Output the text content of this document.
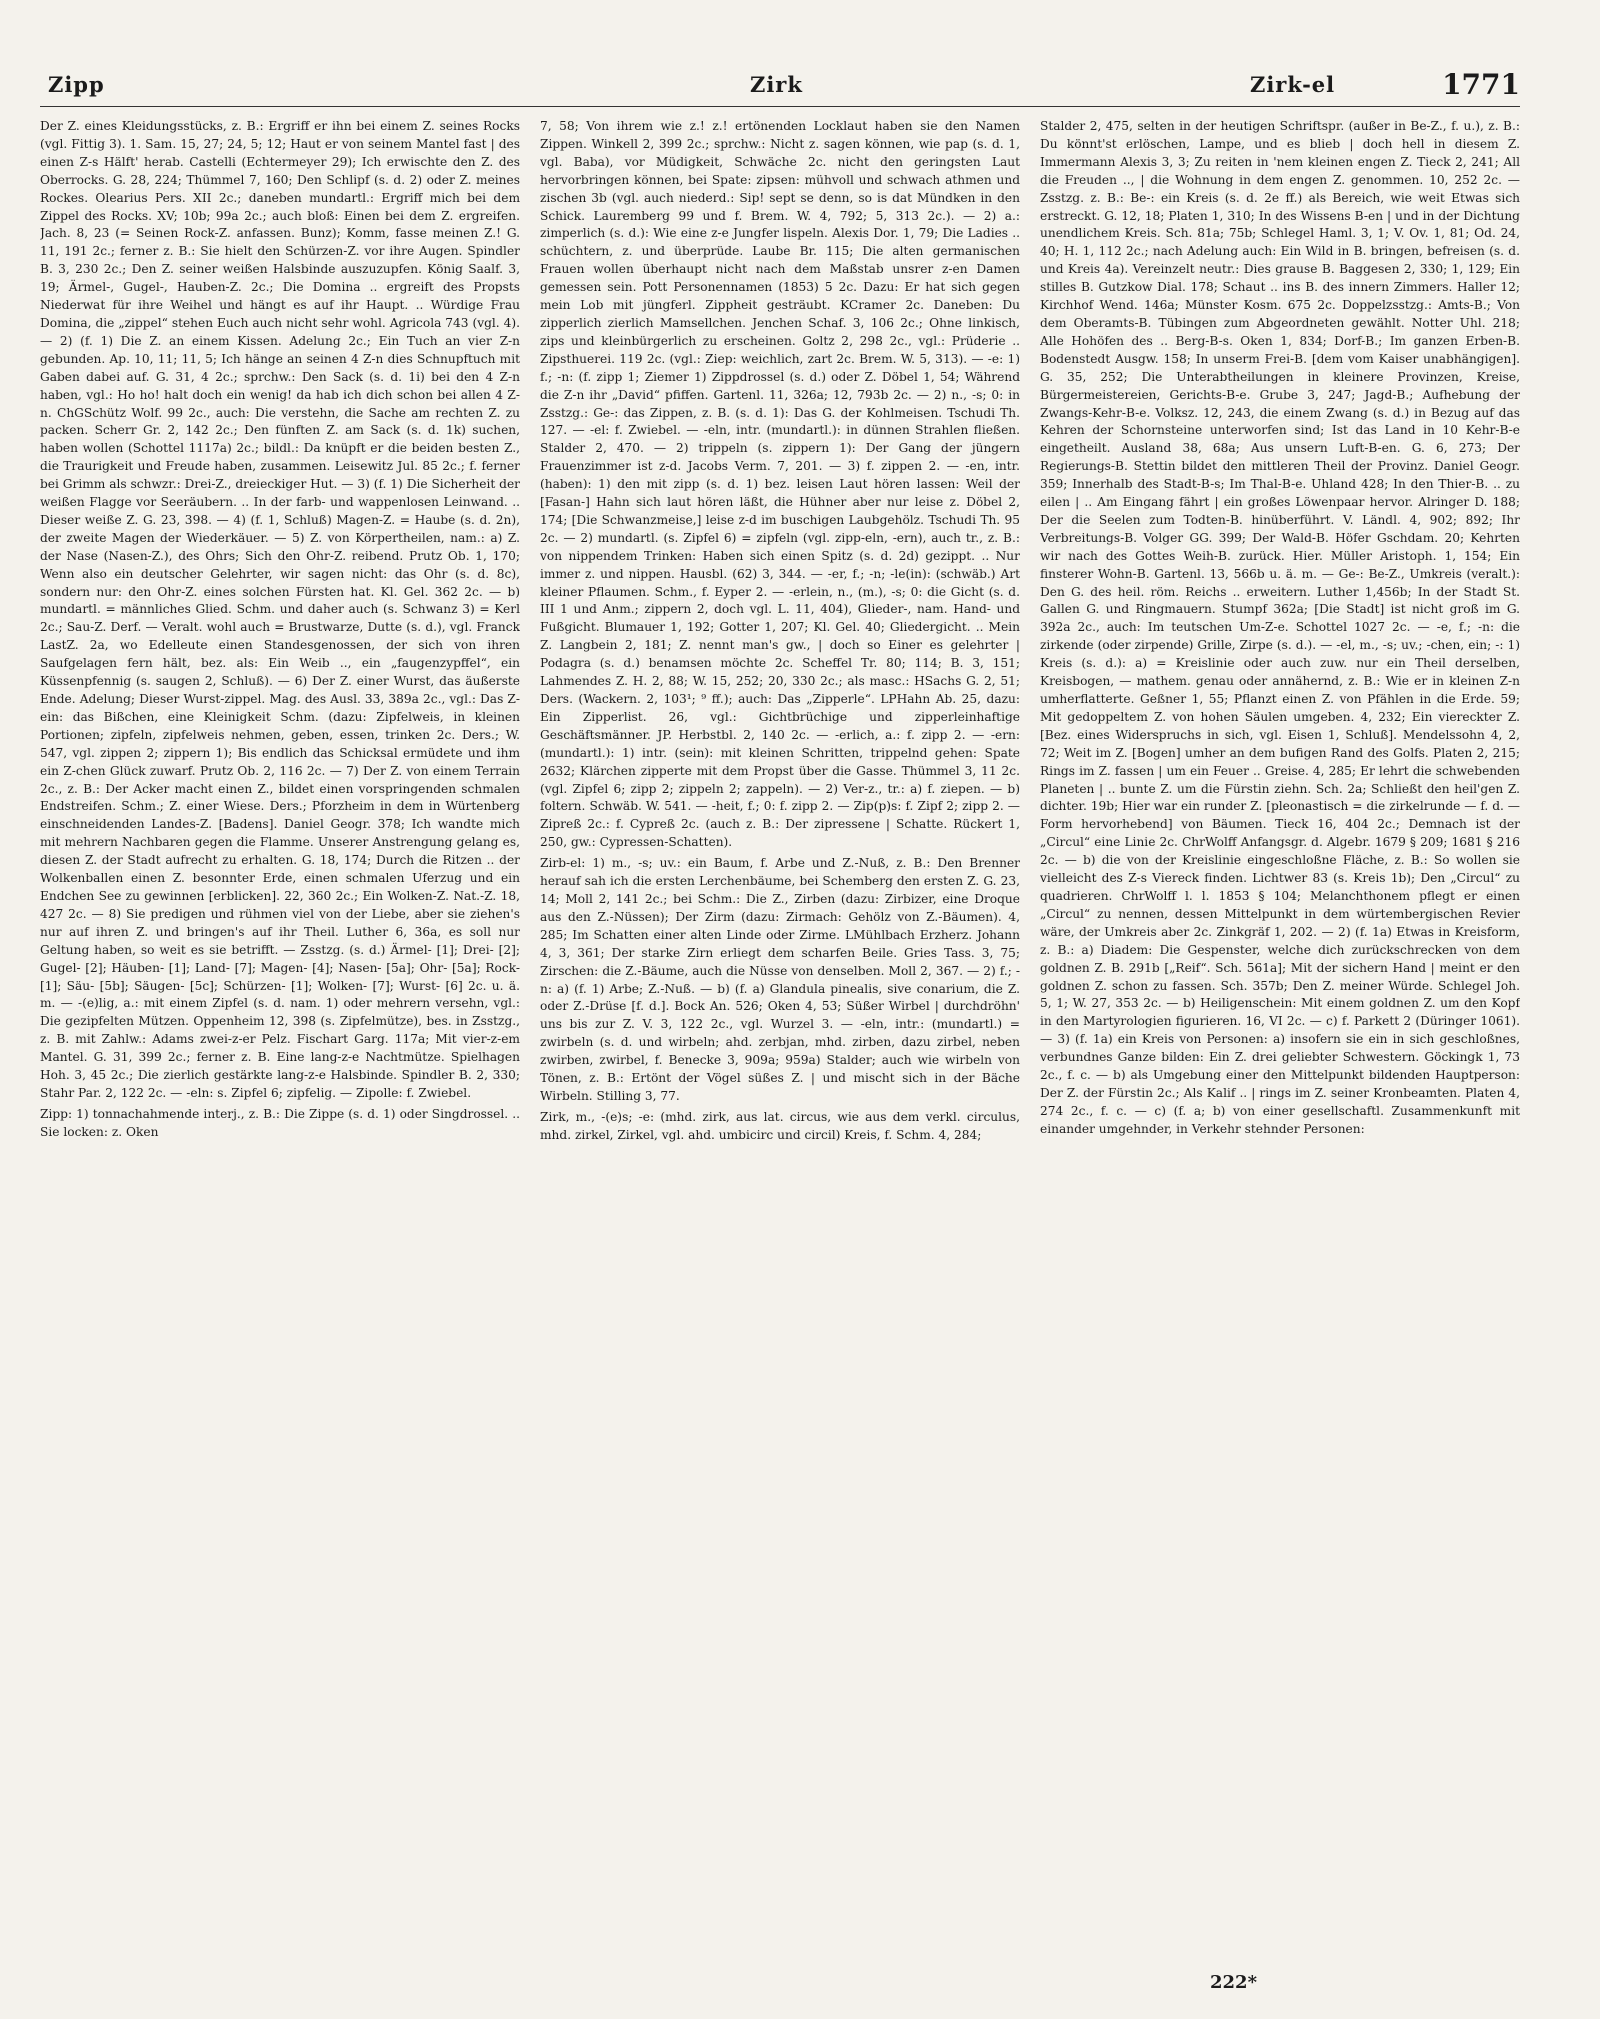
Zipp	Zirk	Zirk-el	1771

Der Z. eines Kleidungsstücks, z. B.: Ergriff er ihn bei einem Z. seines Rocks (vgl. Fittig 3). 1. Sam. 15, 27; 24, 5; 12; Haut er von seinem Mantel fast | des einen Z-s Hälft' herab. Castelli (Echtermeyer 29); Ich erwischte den Z. des Oberrocks. G. 28, 224; Thümmel 7, 160; Den Schlipf (s. d. 2) oder Z. meines Rockes. Olearius Pers. XII 2c.; daneben mundartl.: Ergriff mich bei dem Zippel des Rocks. XV; 10b; 99a 2c.; auch bloß: Einen bei dem Z. ergreifen. Jach. 8, 23 (= Seinen Rock-Z. anfassen. Bunz); Komm, fasse meinen Z.! G. 11, 191 2c.; ferner z. B.: Sie hielt den Schürzen-Z. vor ihre Augen. Spindler B. 3, 230 2c.; Den Z. seiner weißen Halsbinde auszuzupfen. König Saalf. 3, 19; Ärmel-, Gugel-, Hauben-Z. 2c.; Die Domina .. ergreift des Propsts Niederwat für ihre Weihel und hängt es auf ihr Haupt. .. Würdige Frau Domina, die „zippel“ stehen Euch auch nicht sehr wohl. Agricola 743 (vgl. 4). — 2) (f. 1) Die Z. an einem Kissen. Adelung 2c.; Ein Tuch an vier Z-n gebunden. Ap. 10, 11; 11, 5; Ich hänge an seinen 4 Z-n dies Schnupftuch mit Gaben dabei auf. G. 31, 4 2c.; sprchw.: Den Sack (s. d. 1i) bei den 4 Z-n haben, vgl.: Ho ho! halt doch ein wenig! da hab ich dich schon bei allen 4 Z-n. ChGSchütz Wolf. 99 2c., auch: Die verstehn, die Sache am rechten Z. zu packen. Scherr Gr. 2, 142 2c.; Den fünften Z. am Sack (s. d. 1k) suchen, haben wollen (Schottel 1117a) 2c.; bildl.: Da knüpft er die beiden besten Z., die Traurigkeit und Freude haben, zusammen. Leisewitz Jul. 85 2c.; f. ferner bei Grimm als schwzr.: Drei-Z., dreieckiger Hut. — 3) (f. 1) Die Sicherheit der weißen Flagge vor Seeräubern. .. In der farb- und wappenlosen Leinwand. .. Dieser weiße Z. G. 23, 398. — 4) (f. 1, Schluß) Magen-Z. = Haube (s. d. 2n), der zweite Magen der Wiederkäuer. — 5) Z. von Körpertheilen, nam.: a) Z. der Nase (Nasen-Z.), des Ohrs; Sich den Ohr-Z. reibend. Prutz Ob. 1, 170; Wenn also ein deutscher Gelehrter, wir sagen nicht: das Ohr (s. d. 8c), sondern nur: den Ohr-Z. eines solchen Fürsten hat. Kl. Gel. 362 2c. — b) mundartl. = männliches Glied. Schm. und daher auch (s. Schwanz 3) = Kerl 2c.; Sau-Z. Derf. — Veralt. wohl auch = Brustwarze, Dutte (s. d.), vgl. Franck LastZ. 2a, wo Edelleute einen Standesgenossen, der sich von ihren Saufgelagen fern hält, bez. als: Ein Weib .., ein „faugenzypffel“, ein Küssenpfennig (s. saugen 2, Schluß). — 6) Der Z. einer Wurst, das äußerste Ende. Adelung; Dieser Wurst-zippel. Mag. des Ausl. 33, 389a 2c., vgl.: Das Z-ein: das Bißchen, eine Kleinigkeit Schm. (dazu: Zipfelweis, in kleinen Portionen; zipfeln, zipfelweis nehmen, geben, essen, trinken 2c. Ders.; W. 547, vgl. zippen 2; zippern 1); Bis endlich das Schicksal ermüdete und ihm ein Z-chen Glück zuwarf. Prutz Ob. 2, 116 2c. — 7) Der Z. von einem Terrain 2c., z. B.: Der Acker macht einen Z., bildet einen vorspringenden schmalen Endstreifen. Schm.; Z. einer Wiese. Ders.; Pforzheim in dem in Würtenberg einschneidenden Landes-Z. [Badens]. Daniel Geogr. 378; Ich wandte mich mit mehrern Nachbaren gegen die Flamme. Unserer Anstrengung gelang es, diesen Z. der Stadt aufrecht zu erhalten. G. 18, 174; Durch die Ritzen .. der Wolkenballen einen Z. besonnter Erde, einen schmalen Uferzug und ein Endchen See zu gewinnen [erblicken]. 22, 360 2c.; Ein Wolken-Z. Nat.-Z. 18, 427 2c. — 8) Sie predigen und rühmen viel von der Liebe, aber sie ziehen's nur auf ihren Z. und bringen's auf ihr Theil. Luther 6, 36a, es soll nur Geltung haben, so weit es sie betrifft. — Zsstzg. (s. d.) Ärmel- [1]; Drei- [2]; Gugel- [2]; Häuben- [1]; Land- [7]; Magen- [4]; Nasen- [5a]; Ohr- [5a]; Rock- [1]; Säu- [5b]; Säugen- [5c]; Schürzen- [1]; Wolken- [7]; Wurst- [6] 2c. u. ä. m. — -(e)lig, a.: mit einem Zipfel (s. d. nam. 1) oder mehrern versehn, vgl.: Die gezipfelten Mützen. Oppenheim 12, 398 (s. Zipfelmütze), bes. in Zsstzg., z. B. mit Zahlw.: Adams zwei-z-er Pelz. Fischart Garg. 117a; Mit vier-z-em Mantel. G. 31, 399 2c.; ferner z. B. Eine lang-z-e Nachtmütze. Spielhagen Hoh. 3, 45 2c.; Die zierlich gestärkte lang-z-e Halsbinde. Spindler B. 2, 330; Stahr Par. 2, 122 2c. — -eln: s. Zipfel 6; zipfelig. — Zipolle: f. Zwiebel.

Zipp: 1) tonnachahmende interj., z. B.: Die Zippe (s. d. 1) oder Singdrossel. .. Sie locken: z. Oken

7, 58; Von ihrem wie z.! z.! ertönenden Locklaut haben sie den Namen Zippen. Winkell 2, 399 2c.; sprchw.: Nicht z. sagen können, wie pap (s. d. 1, vgl. Baba), vor Müdigkeit, Schwäche 2c. nicht den geringsten Laut hervorbringen können, bei Spate: zipsen: mühvoll und schwach athmen und zischen 3b (vgl. auch niederd.: Sip! sept se denn, so is dat Mündken in den Schick. Lauremberg 99 und f. Brem. W. 4, 792; 5, 313 2c.). — 2) a.: zimperlich (s. d.): Wie eine z-e Jungfer lispeln. Alexis Dor. 1, 79; Die Ladies .. schüchtern, z. und überprüde. Laube Br. 115; Die alten germanischen Frauen wollen überhaupt nicht nach dem Maßstab unsrer z-en Damen gemessen sein. Pott Personennamen (1853) 5 2c. Dazu: Er hat sich gegen mein Lob mit jüngferl. Zippheit gesträubt. KCramer 2c. Daneben: Du zipperlich zierlich Mamsellchen. Jenchen Schaf. 3, 106 2c.; Ohne linkisch, zips und kleinbürgerlich zu erscheinen. Goltz 2, 298 2c., vgl.: Prüderie .. Zipsthuerei. 119 2c. (vgl.: Ziep: weichlich, zart 2c. Brem. W. 5, 313). — -e: 1) f.; -n: (f. zipp 1; Ziemer 1) Zippdrossel (s. d.) oder Z. Döbel 1, 54; Während die Z-n ihr „David“ pfiffen. Gartenl. 11, 326a; 12, 793b 2c. — 2) n., -s; 0: in Zsstzg.: Ge-: das Zippen, z. B. (s. d. 1): Das G. der Kohlmeisen. Tschudi Th. 127. — -el: f. Zwiebel. — -eln, intr. (mundartl.): in dünnen Strahlen fließen. Stalder 2, 470. — 2) trippeln (s. zippern 1): Der Gang der jüngern Frauenzimmer ist z-d. Jacobs Verm. 7, 201. — 3) f. zippen 2. — -en, intr. (haben): 1) den mit zipp (s. d. 1) bez. leisen Laut hören lassen: Weil der [Fasan-] Hahn sich laut hören läßt, die Hühner aber nur leise z. Döbel 2, 174; [Die Schwanzmeise,] leise z-d im buschigen Laubgehölz. Tschudi Th. 95 2c. — 2) mundartl. (s. Zipfel 6) = zipfeln (vgl. zipp-eln, -ern), auch tr., z. B.: von nippendem Trinken: Haben sich einen Spitz (s. d. 2d) gezippt. .. Nur immer z. und nippen. Hausbl. (62) 3, 344. — -er, f.; -n; -le(in): (schwäb.) Art kleiner Pflaumen. Schm., f. Eyper 2. — -erlein, n., (m.), -s; 0: die Gicht (s. d. III 1 und Anm.; zippern 2, doch vgl. L. 11, 404), Glieder-, nam. Hand- und Fußgicht. Blumauer 1, 192; Gotter 1, 207; Kl. Gel. 40; Gliedergicht. .. Mein Z. Langbein 2, 181; Z. nennt man's gw., | doch so Einer es gelehrter | Podagra (s. d.) benamsen möchte 2c. Scheffel Tr. 80; 114; B. 3, 151; Lahmendes Z. H. 2, 88; W. 15, 252; 20, 330 2c.; als masc.: HSachs G. 2, 51; Ders. (Wackern. 2, 103¹; ⁹ ff.); auch: Das „Zipperle“. LPHahn Ab. 25, dazu: Ein Zipperlist. 26, vgl.: Gichtbrüchige und zipperleinhaftige Geschäftsmänner. JP. Herbstbl. 2, 140 2c. — -erlich, a.: f. zipp 2. — -ern: (mundartl.): 1) intr. (sein): mit kleinen Schritten, trippelnd gehen: Spate 2632; Klärchen zipperte mit dem Propst über die Gasse. Thümmel 3, 11 2c. (vgl. Zipfel 6; zipp 2; zippeln 2; zappeln). — 2) Ver-z., tr.: a) f. ziepen. — b) foltern. Schwäb. W. 541. — -heit, f.; 0: f. zipp 2. — Zip(p)s: f. Zipf 2; zipp 2. — Zipreß 2c.: f. Cypreß 2c. (auch z. B.: Der zipressene | Schatte. Rückert 1, 250, gw.: Cypressen-Schatten).

Zirb-el: 1) m., -s; uv.: ein Baum, f. Arbe und Z.-Nuß, z. B.: Den Brenner herauf sah ich die ersten Lerchenbäume, bei Schemberg den ersten Z. G. 23, 14; Moll 2, 141 2c.; bei Schm.: Die Z., Zirben (dazu: Zirbizer, eine Droque aus den Z.-Nüssen); Der Zirm (dazu: Zirmach: Gehölz von Z.-Bäumen). 4, 285; Im Schatten einer alten Linde oder Zirme. LMühlbach Erzherz. Johann 4, 3, 361; Der starke Zirn erliegt dem scharfen Beile. Gries Tass. 3, 75; Zirschen: die Z.-Bäume, auch die Nüsse von denselben. Moll 2, 367. — 2) f.; -n: a) (f. 1) Arbe; Z.-Nuß. — b) (f. a) Glandula pinealis, sive conarium, die Z. oder Z.-Drüse [f. d.]. Bock An. 526; Oken 4, 53; Süßer Wirbel | durchdröhn' uns bis zur Z. V. 3, 122 2c., vgl. Wurzel 3. — -eln, intr.: (mundartl.) = zwirbeln (s. d. und wirbeln; ahd. zerbjan, mhd. zirben, dazu zirbel, neben zwirben, zwirbel, f. Benecke 3, 909a; 959a) Stalder; auch wie wirbeln von Tönen, z. B.: Ertönt der Vögel süßes Z. | und mischt sich in der Bäche Wirbeln. Stilling 3, 77.

Zirk, m., -(e)s; -e: (mhd. zirk, aus lat. circus, wie aus dem verkl. circulus, mhd. zirkel, Zirkel, vgl. ahd. umbicirc und circil) Kreis, f. Schm. 4, 284;

Stalder 2, 475, selten in der heutigen Schriftspr. (außer in Be-Z., f. u.), z. B.: Du könnt'st erlöschen, Lampe, und es blieb | doch hell in diesem Z. Immermann Alexis 3, 3; Zu reiten in 'nem kleinen engen Z. Tieck 2, 241; All die Freuden .., | die Wohnung in dem engen Z. genommen. 10, 252 2c. — Zsstzg. z. B.: Be-: ein Kreis (s. d. 2e ff.) als Bereich, wie weit Etwas sich erstreckt. G. 12, 18; Platen 1, 310; In des Wissens B-en | und in der Dichtung unendlichem Kreis. Sch. 81a; 75b; Schlegel Haml. 3, 1; V. Ov. 1, 81; Od. 24, 40; H. 1, 112 2c.; nach Adelung auch: Ein Wild in B. bringen, befreisen (s. d. und Kreis 4a). Vereinzelt neutr.: Dies grause B. Baggesen 2, 330; 1, 129; Ein stilles B. Gutzkow Dial. 178; Schaut .. ins B. des innern Zimmers. Haller 12; Kirchhof Wend. 146a; Münster Kosm. 675 2c. Doppelzsstzg.: Amts-B.; Von dem Oberamts-B. Tübingen zum Abgeordneten gewählt. Notter Uhl. 218; Alle Hohöfen des .. Berg-B-s. Oken 1, 834; Dorf-B.; Im ganzen Erben-B. Bodenstedt Ausgw. 158; In unserm Frei-B. [dem vom Kaiser unabhängigen]. G. 35, 252; Die Unterabtheilungen in kleinere Provinzen, Kreise, Bürgermeistereien, Gerichts-B-e. Grube 3, 247; Jagd-B.; Aufhebung der Zwangs-Kehr-B-e. Volksz. 12, 243, die einem Zwang (s. d.) in Bezug auf das Kehren der Schornsteine unterworfen sind; Ist das Land in 10 Kehr-B-e eingetheilt. Ausland 38, 68a; Aus unsern Luft-B-en. G. 6, 273; Der Regierungs-B. Stettin bildet den mittleren Theil der Provinz. Daniel Geogr. 359; Innerhalb des Stadt-B-s; Im Thal-B-e. Uhland 428; In den Thier-B. .. zu eilen | .. Am Eingang fährt | ein großes Löwenpaar hervor. Alringer D. 188; Der die Seelen zum Todten-B. hinüberführt. V. Ländl. 4, 902; 892; Ihr Verbreitungs-B. Volger GG. 399; Der Wald-B. Höfer Gschdam. 20; Kehrten wir nach des Gottes Weih-B. zurück. Hier. Müller Aristoph. 1, 154; Ein finsterer Wohn-B. Gartenl. 13, 566b u. ä. m. — Ge-: Be-Z., Umkreis (veralt.): Den G. des heil. röm. Reichs .. erweitern. Luther 1,456b; In der Stadt St. Gallen G. und Ringmauern. Stumpf 362a; [Die Stadt] ist nicht groß im G. 392a 2c., auch: Im teutschen Um-Z-e. Schottel 1027 2c. — -e, f.; -n: die zirkende (oder zirpende) Grille, Zirpe (s. d.). — -el, m., -s; uv.; -chen, ein; -: 1) Kreis (s. d.): a) = Kreislinie oder auch zuw. nur ein Theil derselben, Kreisbogen, — mathem. genau oder annähernd, z. B.: Wie er in kleinen Z-n umherflatterte. Geßner 1, 55; Pflanzt einen Z. von Pfählen in die Erde. 59; Mit gedoppeltem Z. von hohen Säulen umgeben. 4, 232; Ein viereckter Z. [Bez. eines Widerspruchs in sich, vgl. Eisen 1, Schluß]. Mendelssohn 4, 2, 72; Weit im Z. [Bogen] umher an dem bufigen Rand des Golfs. Platen 2, 215; Rings im Z. fassen | um ein Feuer .. Greise. 4, 285; Er lehrt die schwebenden Planeten | .. bunte Z. um die Fürstin ziehn. Sch. 2a; Schließt den heil'gen Z. dichter. 19b; Hier war ein runder Z. [pleonastisch = die zirkelrunde — f. d. — Form hervorhebend] von Bäumen. Tieck 16, 404 2c.; Demnach ist der „Circul“ eine Linie 2c. ChrWolff Anfangsgr. d. Algebr. 1679 § 209; 1681 § 216 2c. — b) die von der Kreislinie eingeschloßne Fläche, z. B.: So wollen sie vielleicht des Z-s Viereck finden. Lichtwer 83 (s. Kreis 1b); Den „Circul“ zu quadrieren. ChrWolff l. l. 1853 § 104; Melanchthonem pflegt er einen „Circul“ zu nennen, dessen Mittelpunkt in dem würtembergischen Revier wäre, der Umkreis aber 2c. Zinkgräf 1, 202. — 2) (f. 1a) Etwas in Kreisform, z. B.: a) Diadem: Die Gespenster, welche dich zurückschrecken von dem goldnen Z. B. 291b [„Reif“. Sch. 561a]; Mit der sichern Hand | meint er den goldnen Z. schon zu fassen. Sch. 357b; Den Z. meiner Würde. Schlegel Joh. 5, 1; W. 27, 353 2c. — b) Heiligenschein: Mit einem goldnen Z. um den Kopf in den Martyrologien figurieren. 16, VI 2c. — c) f. Parkett 2 (Düringer 1061). — 3) (f. 1a) ein Kreis von Personen: a) insofern sie ein in sich geschloßnes, verbundnes Ganze bilden: Ein Z. drei geliebter Schwestern. Göckingk 1, 73 2c., f. c. — b) als Umgebung einer den Mittelpunkt bildenden Hauptperson: Der Z. der Fürstin 2c.; Als Kalif .. | rings im Z. seiner Kronbeamten. Platen 4, 274 2c., f. c. — c) (f. a; b) von einer gesellschaftl. Zusammenkunft mit einander umgehnder, in Verkehr stehnder Personen:

222*
